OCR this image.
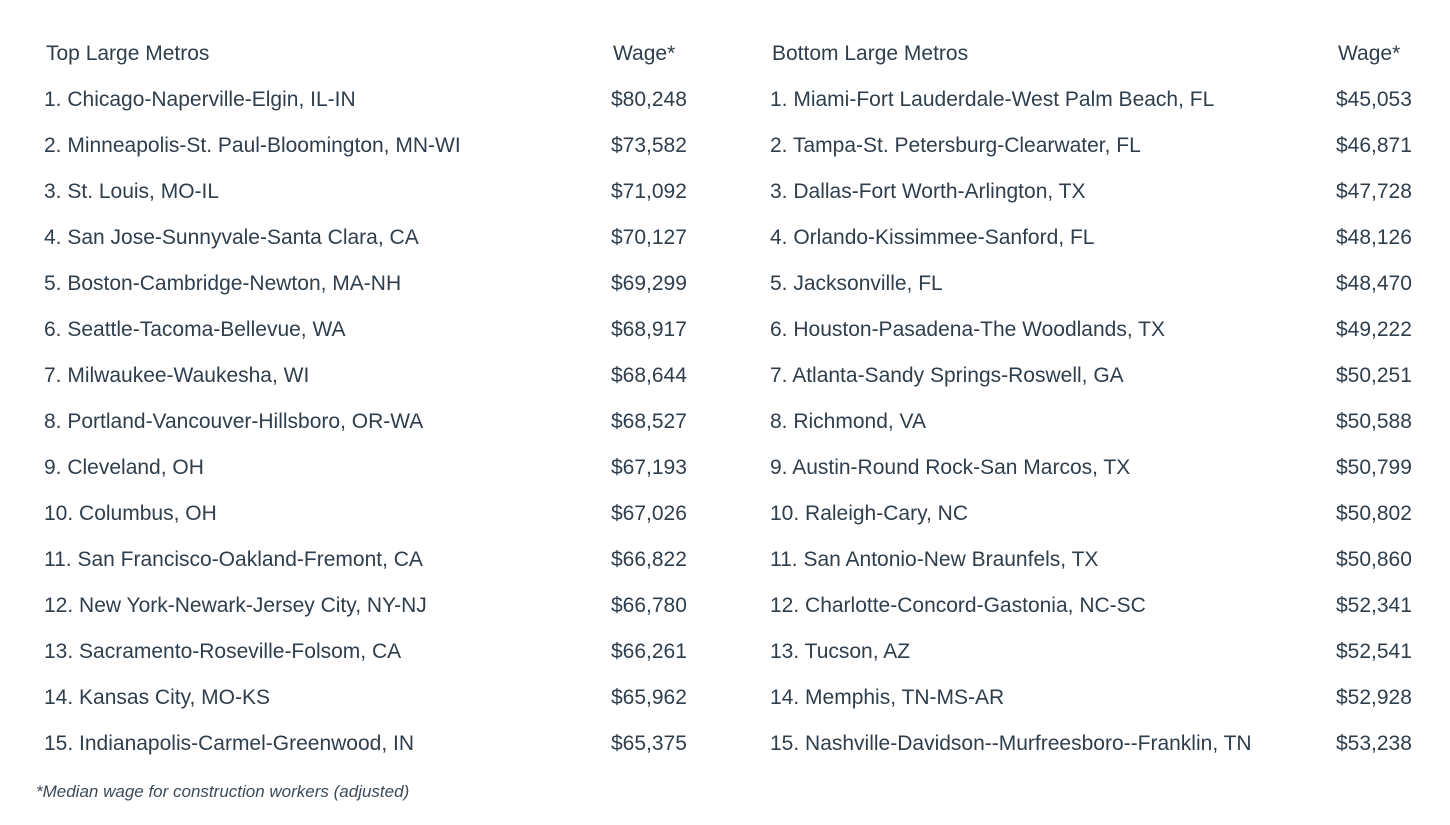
Top Large Metros	Wage*
1. Chicago-Naperville-Elgin, IL-IN	$80,248
2. Minneapolis-St. Paul-Bloomington, MN-WI	$73,582
3. St. Louis, MO-IL	$71,092
4. San Jose-Sunnyvale-Santa Clara, CA	$70,127
5. Boston-Cambridge-Newton, MA-NH	$69,299
6. Seattle-Tacoma-Bellevue, WA	$68,917
7. Milwaukee-Waukesha, WI	$68,644
8. Portland-Vancouver-Hillsboro, OR-WA	$68,527
9. Cleveland, OH	$67,193
10. Columbus, OH	$67,026
11. San Francisco-Oakland-Fremont, CA	$66,822
12. New York-Newark-Jersey City, NY-NJ	$66,780
13. Sacramento-Roseville-Folsom, CA	$66,261
14. Kansas City, MO-KS	$65,962
15. Indianapolis-Carmel-Greenwood, IN	$65,375
Bottom Large Metros	Wage*
1. Miami-Fort Lauderdale-West Palm Beach, FL	$45,053
2. Tampa-St. Petersburg-Clearwater, FL	$46,871
3. Dallas-Fort Worth-Arlington, TX	$47,728
4. Orlando-Kissimmee-Sanford, FL	$48,126
5. Jacksonville, FL	$48,470
6. Houston-Pasadena-The Woodlands, TX	$49,222
7. Atlanta-Sandy Springs-Roswell, GA	$50,251
8. Richmond, VA	$50,588
9. Austin-Round Rock-San Marcos, TX	$50,799
10. Raleigh-Cary, NC	$50,802
11. San Antonio-New Braunfels, TX	$50,860
12. Charlotte-Concord-Gastonia, NC-SC	$52,341
13. Tucson, AZ	$52,541
14. Memphis, TN-MS-AR	$52,928
15. Nashville-Davidson--Murfreesboro--Franklin, TN	$53,238
*Median wage for construction workers (adjusted)
